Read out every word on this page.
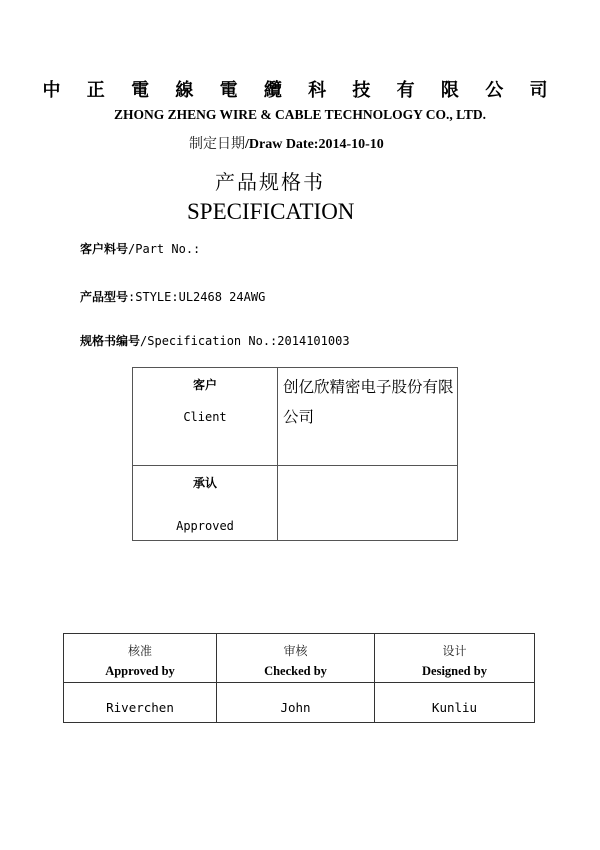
中 正 電 線 電 纜 科 技 有 限 公 司
ZHONG ZHENG WIRE & CABLE TECHNOLOGY CO., LTD.
制定日期/Draw Date:2014-10-10
产品规格书
SPECIFICATION
客户料号/Part No.:
产品型号:STYLE:UL2468 24AWG
规格书编号/Specification No.:2014101003
客户
Client
创亿欣精密电子股份有限公司
承认
Approved
核准
Approved by
Riverchen
审核
Checked by
John
设计
Designed by
Kunliu
